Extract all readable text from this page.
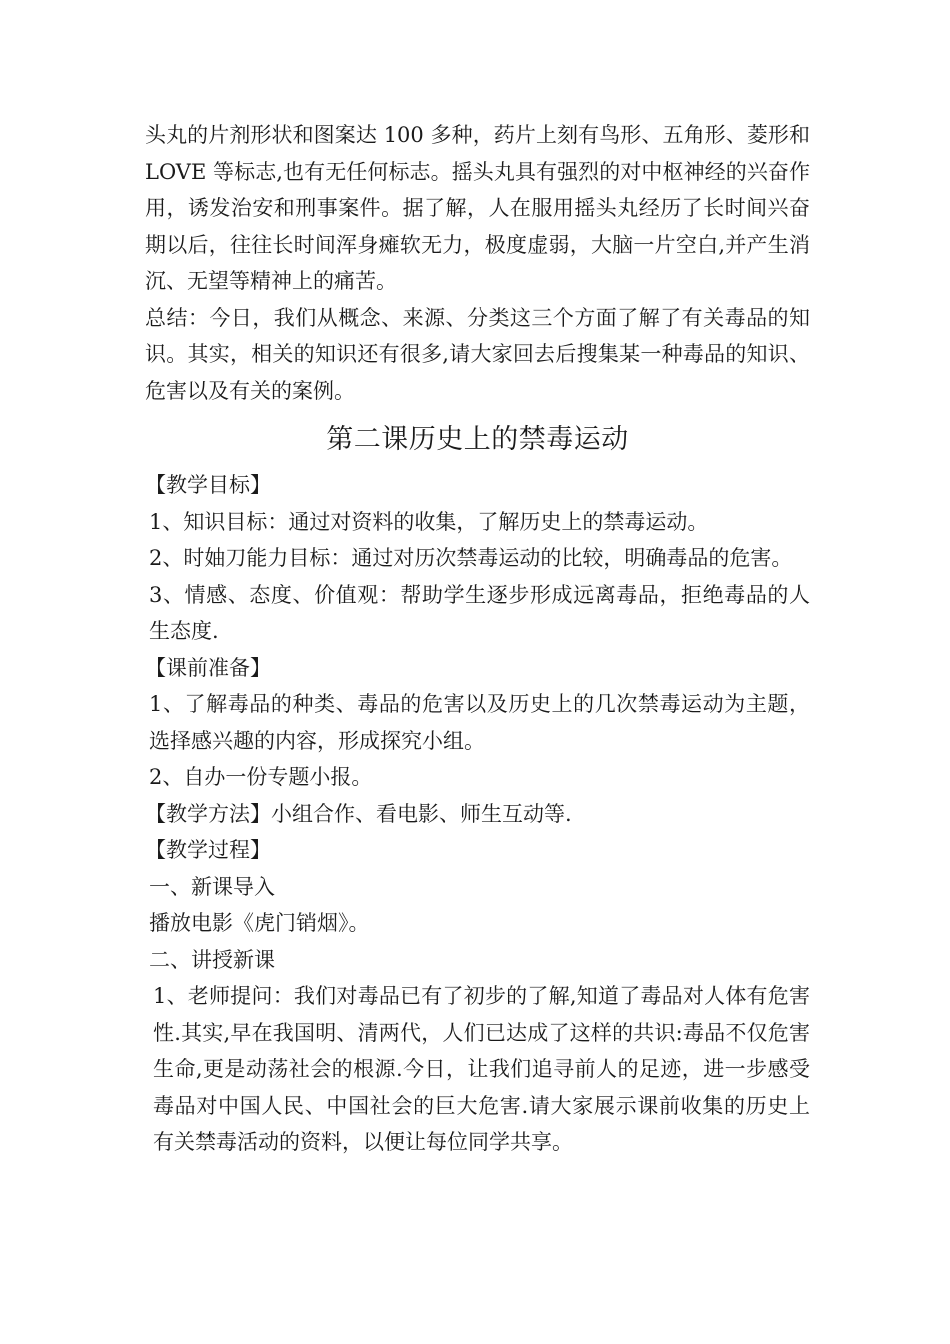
头丸的片剂形状和图案达 100 多种，药片上刻有鸟形、五角形、菱形和 LOVE 等标志,也有无任何标志。摇头丸具有强烈的对中枢神经的兴奋作用，诱发治安和刑事案件。据了解，人在服用摇头丸经历了长时间兴奋期以后，往往长时间浑身瘫软无力，极度虚弱，大脑一片空白,并产生消沉、无望等精神上的痛苦。

总结：今日，我们从概念、来源、分类这三个方面了解了有关毒品的知识。其实，相关的知识还有很多,请大家回去后搜集某一种毒品的知识、危害以及有关的案例。

第二课历史上的禁毒运动

【教学目标】

1、知识目标：通过对资料的收集，了解历史上的禁毒运动。

2、时妯刀能力目标：通过对历次禁毒运动的比较，明确毒品的危害。

3、情感、态度、价值观：帮助学生逐步形成远离毒品，拒绝毒品的人生态度.

【课前准备】

1、了解毒品的种类、毒品的危害以及历史上的几次禁毒运动为主题，选择感兴趣的内容，形成探究小组。

2、自办一份专题小报。

【教学方法】小组合作、看电影、师生互动等.

【教学过程】

一、新课导入

播放电影《虎门销烟》。

二、讲授新课

1、老师提问：我们对毒品已有了初步的了解,知道了毒品对人体有危害性.其实,早在我国明、清两代，人们已达成了这样的共识:毒品不仅危害生命,更是动荡社会的根源.今日，让我们追寻前人的足迹，进一步感受毒品对中国人民、中国社会的巨大危害.请大家展示课前收集的历史上有关禁毒活动的资料，以便让每位同学共享。
